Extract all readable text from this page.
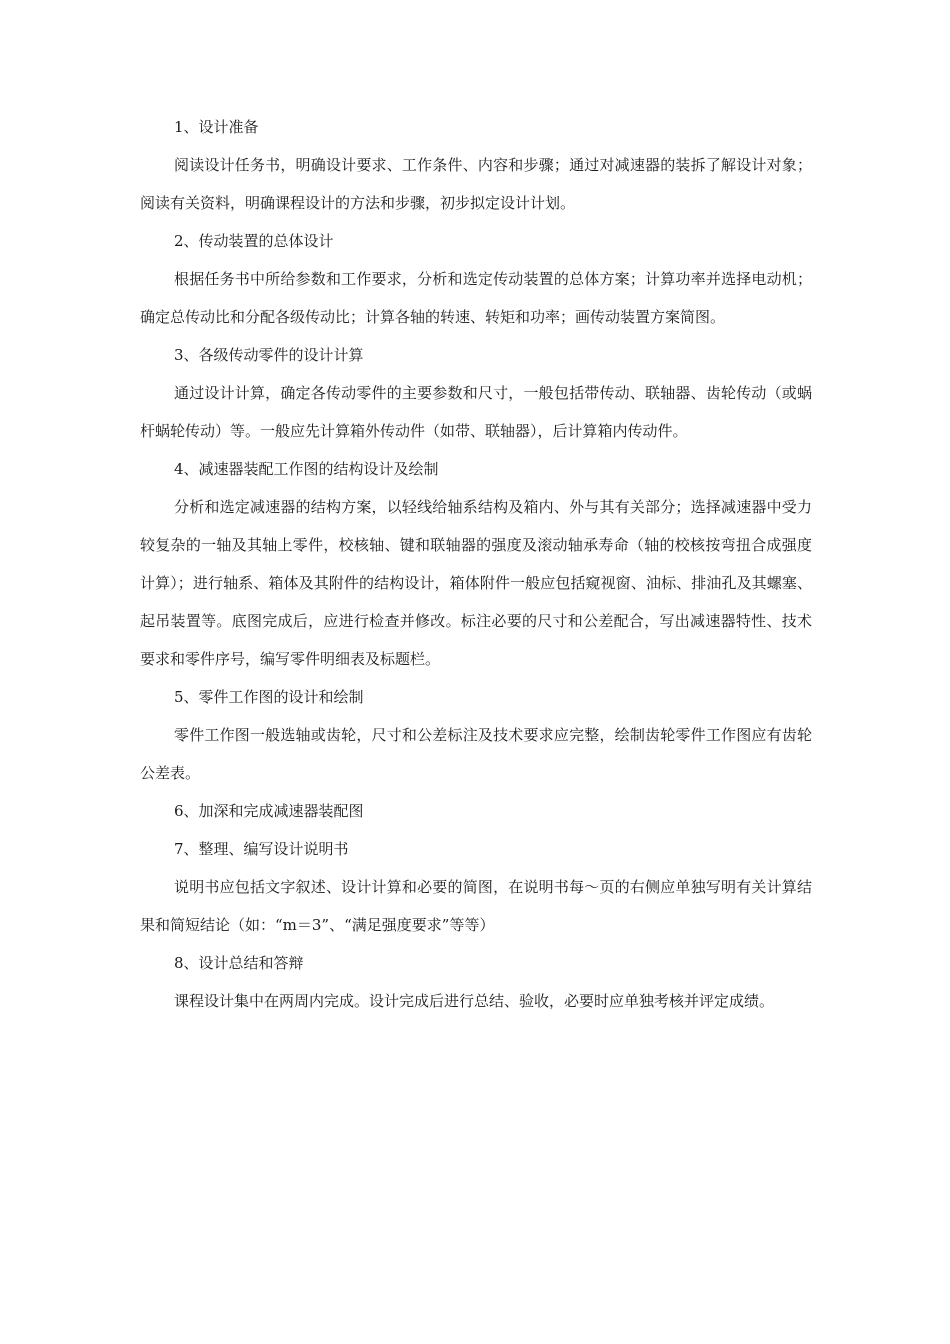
1、设计准备

阅读设计任务书，明确设计要求、工作条件、内容和步骤；通过对减速器的装拆了解设计对象；阅读有关资料，明确课程设计的方法和步骤，初步拟定设计计划。

2、传动装置的总体设计

根据任务书中所给参数和工作要求，分析和选定传动装置的总体方案；计算功率并选择电动机；确定总传动比和分配各级传动比；计算各轴的转速、转矩和功率；画传动装置方案简图。

3、各级传动零件的设计计算

通过设计计算，确定各传动零件的主要参数和尺寸，一般包括带传动、联轴器、齿轮传动（或蜗杆蜗轮传动）等。一般应先计算箱外传动件（如带、联轴器），后计算箱内传动件。

4、减速器装配工作图的结构设计及绘制

分析和选定减速器的结构方案，以轻线给轴系结构及箱内、外与其有关部分；选择减速器中受力较复杂的一轴及其轴上零件，校核轴、键和联轴器的强度及滚动轴承寿命（轴的校核按弯扭合成强度计算）；进行轴系、箱体及其附件的结构设计，箱体附件一般应包括窥视窗、油标、排油孔及其螺塞、起吊装置等。底图完成后，应进行检查并修改。标注必要的尺寸和公差配合，写出减速器特性、技术要求和零件序号，编写零件明细表及标题栏。

5、零件工作图的设计和绘制

零件工作图一般选轴或齿轮，尺寸和公差标注及技术要求应完整，绘制齿轮零件工作图应有齿轮公差表。

6、加深和完成减速器装配图
7、整理、编写设计说明书

说明书应包括文字叙述、设计计算和必要的简图，在说明书每～页的右侧应单独写明有关计算结果和简短结论（如：“m＝3”、“满足强度要求”等等）

8、设计总结和答辩

课程设计集中在两周内完成。设计完成后进行总结、验收，必要时应单独考核并评定成绩。
